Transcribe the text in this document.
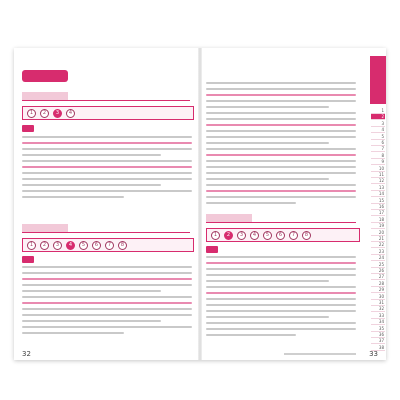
1	2	3	4
1	2	3	4	5	6	7	8
32
1	2	3	4	5	6	7	8
33
1
2
3
4
5
6
7
8
9
10
11
12
13
14
15
16
17
18
19
20
21
22
23
24
25
26
27
28
29
30
31
32
33
34
35
36
37
38
